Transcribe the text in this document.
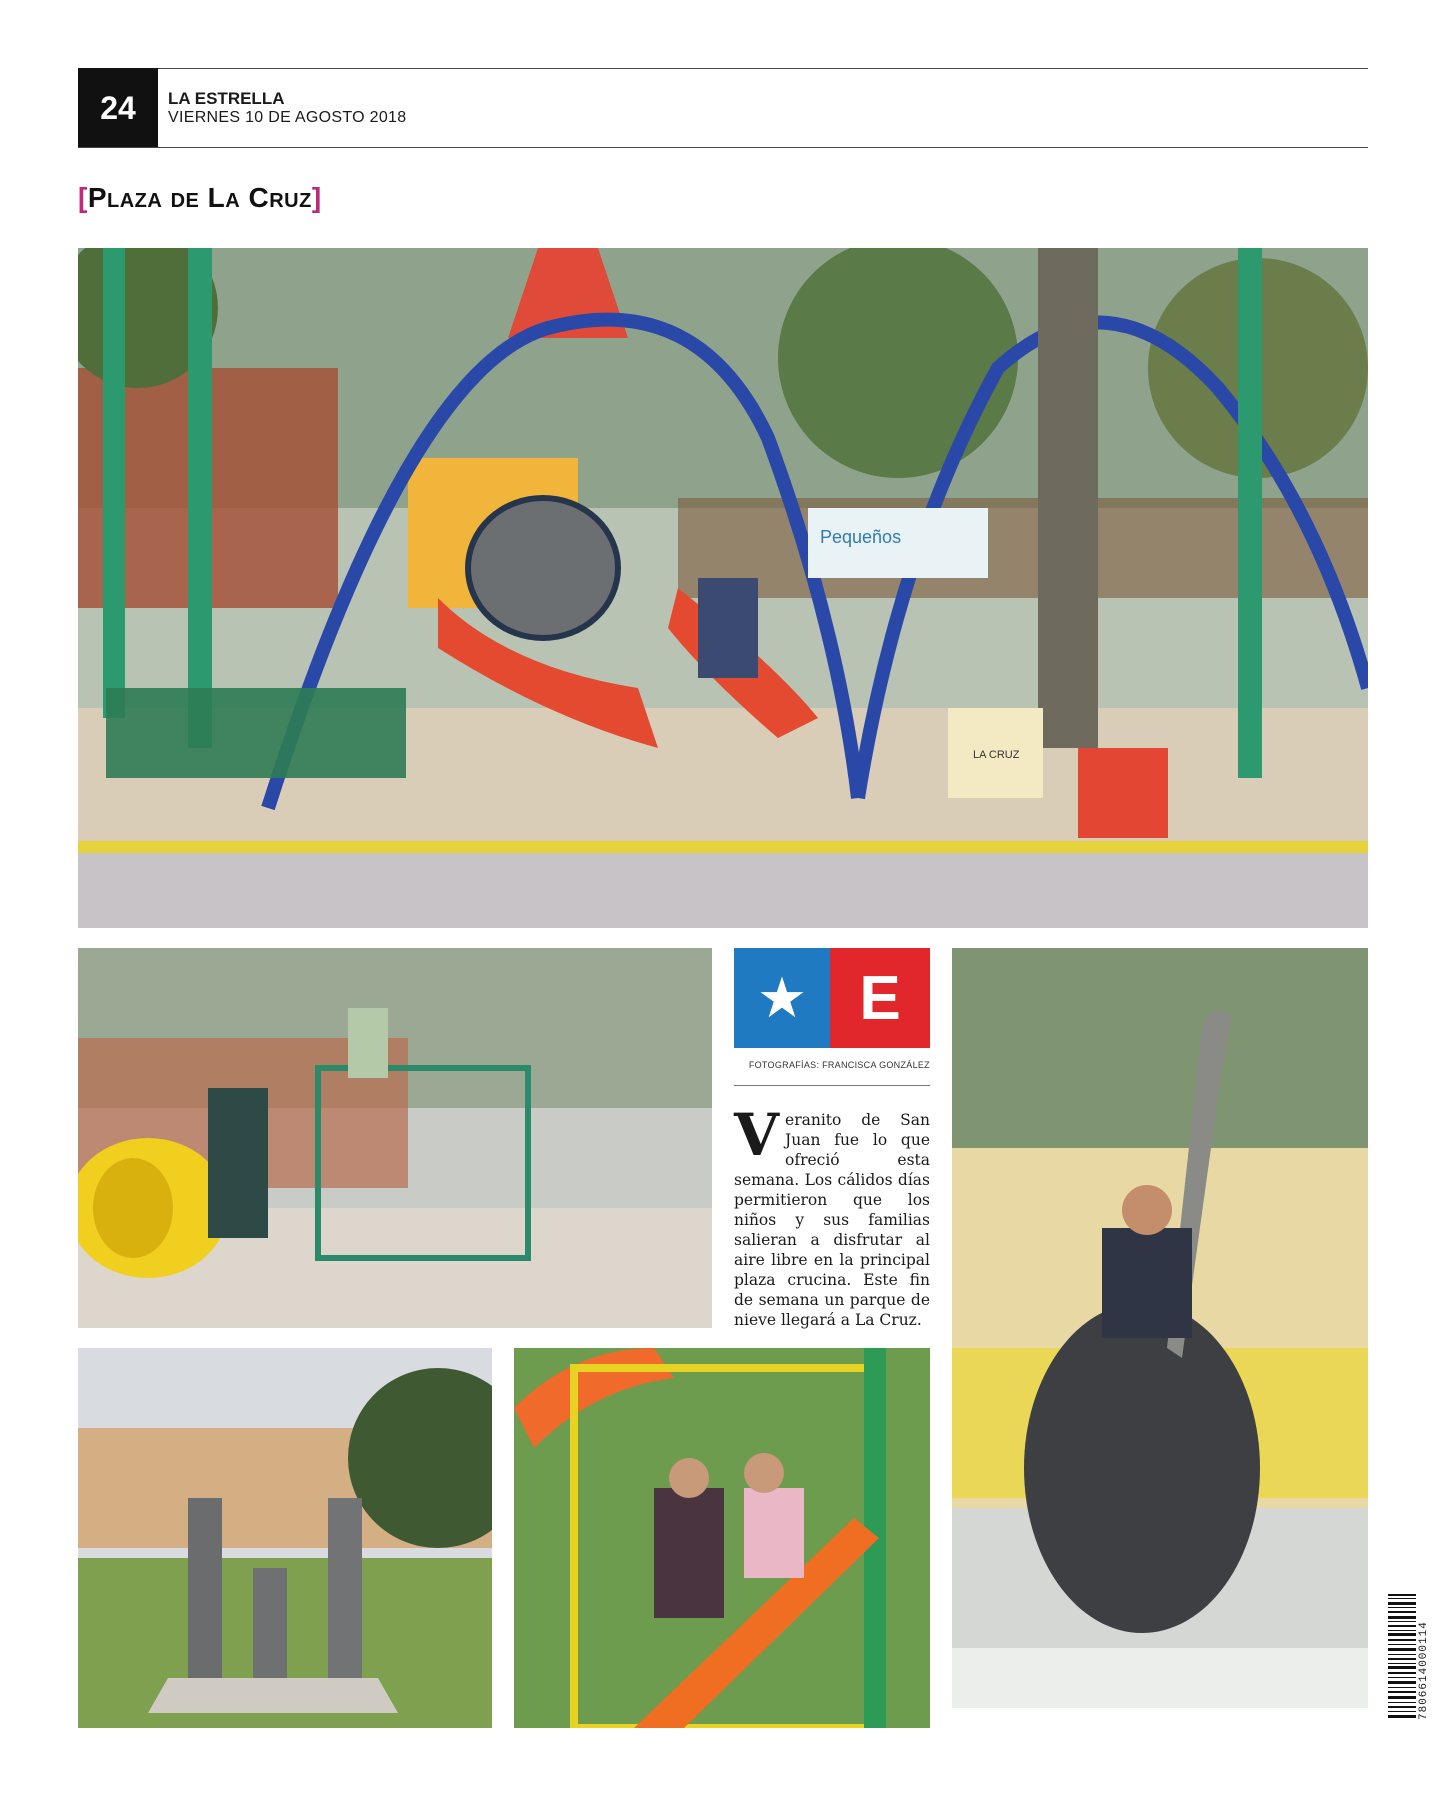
24	LA ESTRELLA
VIERNES 10 DE AGOSTO 2018
[Plaza de La Cruz]
LA CRUZ
Pequeños
★ E
FOTOGRAFÍAS: FRANCISCA GONZÁLEZ
Veranito de San Juan fue lo que ofreció esta semana. Los cálidos días permitieron que los niños y sus familias salieran a disfrutar al aire libre en la principal plaza crucina. Este fin de semana un parque de nieve llegará a La Cruz.
7806614000114
